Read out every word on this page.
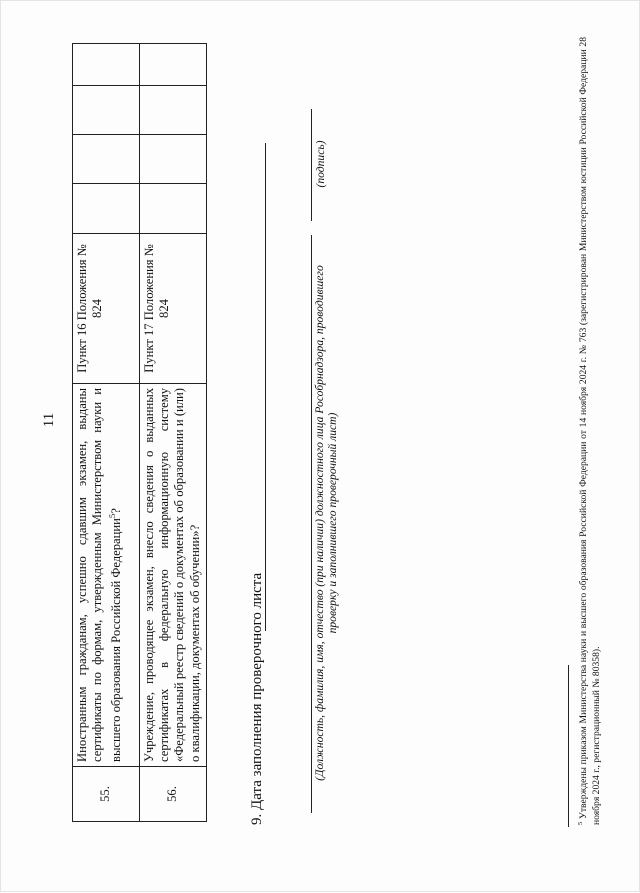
11
55.	Иностранным гражданам, успешно сдавшим экзамен, выданы сертификаты по формам, утвержденным Министерством науки и высшего образования Российской Федерации$^5$?	Пункт 16 Положения № 824				
56.	Учреждение, проводящее экзамен, внесло сведения о выданных сертификатах в федеральную информационную систему «Федеральный реестр сведений о документах об образовании и (или) о квалификации, документах об обучении»?	Пункт 17 Положения № 824				
9. Дата заполнения проверочного листа	(Должность, фамилия, имя, отчество (при наличии) должностного лица Рособрнадзора, проводившего проверку и заполнившего проверочный лист)
(подпись)
$^5$ Утверждены приказом Министерства науки и высшего образования Российской Федерации от 14 ноября 2024 г. № 763 (зарегистрирован Министерством юстиции Российской Федерации 28 ноября 2024 г., регистрационный № 80358).
